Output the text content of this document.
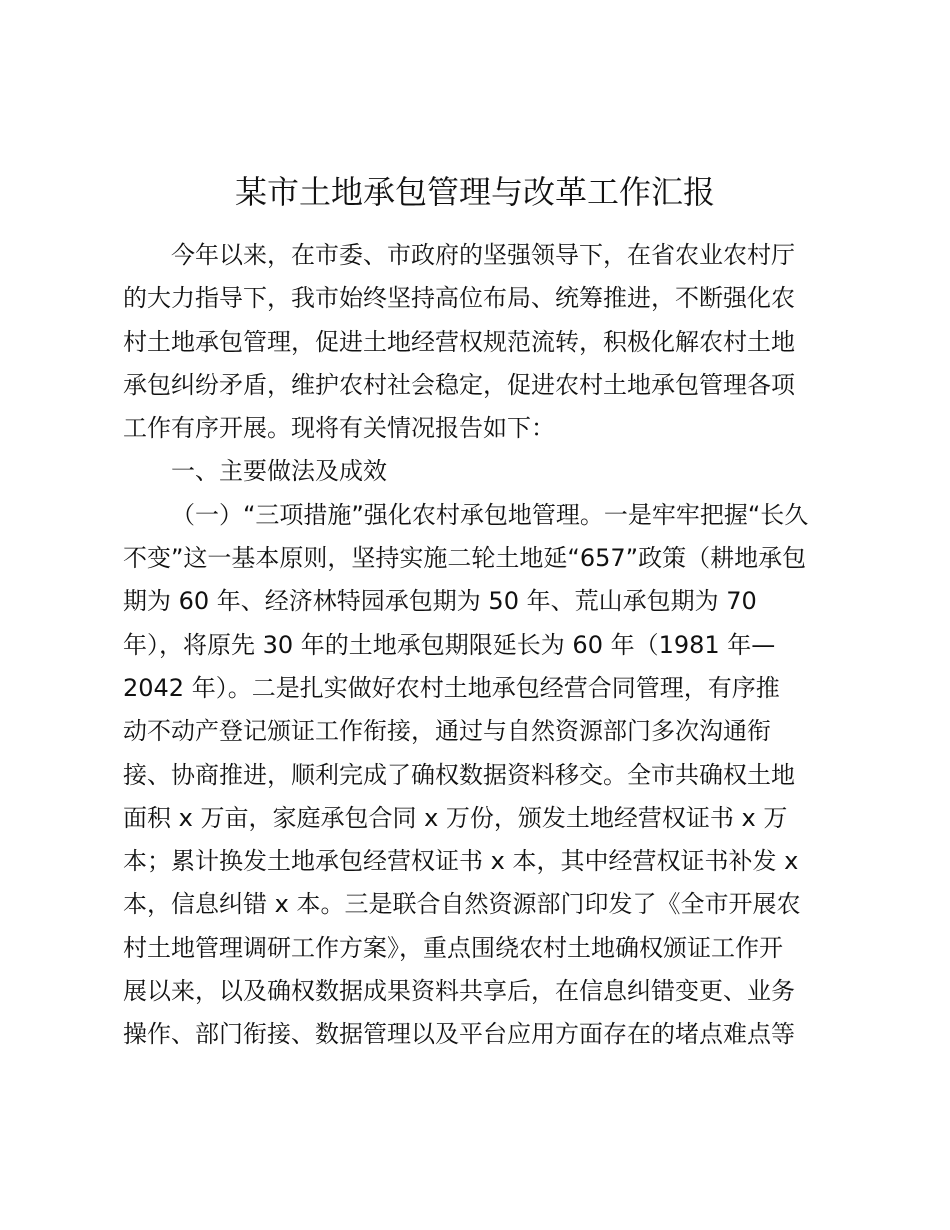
某市土地承包管理与改革工作汇报
今年以来，在市委、市政府的坚强领导下，在省农业农村厅
的大力指导下，我市始终坚持高位布局、统筹推进，不断强化农
村土地承包管理，促进土地经营权规范流转，积极化解农村土地
承包纠纷矛盾，维护农村社会稳定，促进农村土地承包管理各项
工作有序开展。现将有关情况报告如下：
一、主要做法及成效
（一）“三项措施”强化农村承包地管理。一是牢牢把握“长久
不变”这一基本原则，坚持实施二轮土地延“657”政策（耕地承包
期为 60 年、经济林特园承包期为 50 年、荒山承包期为 70
年），将原先 30 年的土地承包期限延长为 60 年（1981 年—
2042 年）。二是扎实做好农村土地承包经营合同管理，有序推
动不动产登记颁证工作衔接，通过与自然资源部门多次沟通衔
接、协商推进，顺利完成了确权数据资料移交。全市共确权土地
面积 x 万亩，家庭承包合同 x 万份，颁发土地经营权证书 x 万
本；累计换发土地承包经营权证书 x 本，其中经营权证书补发 x
本，信息纠错 x 本。三是联合自然资源部门印发了《全市开展农
村土地管理调研工作方案》，重点围绕农村土地确权颁证工作开
展以来，以及确权数据成果资料共享后，在信息纠错变更、业务
操作、部门衔接、数据管理以及平台应用方面存在的堵点难点等
